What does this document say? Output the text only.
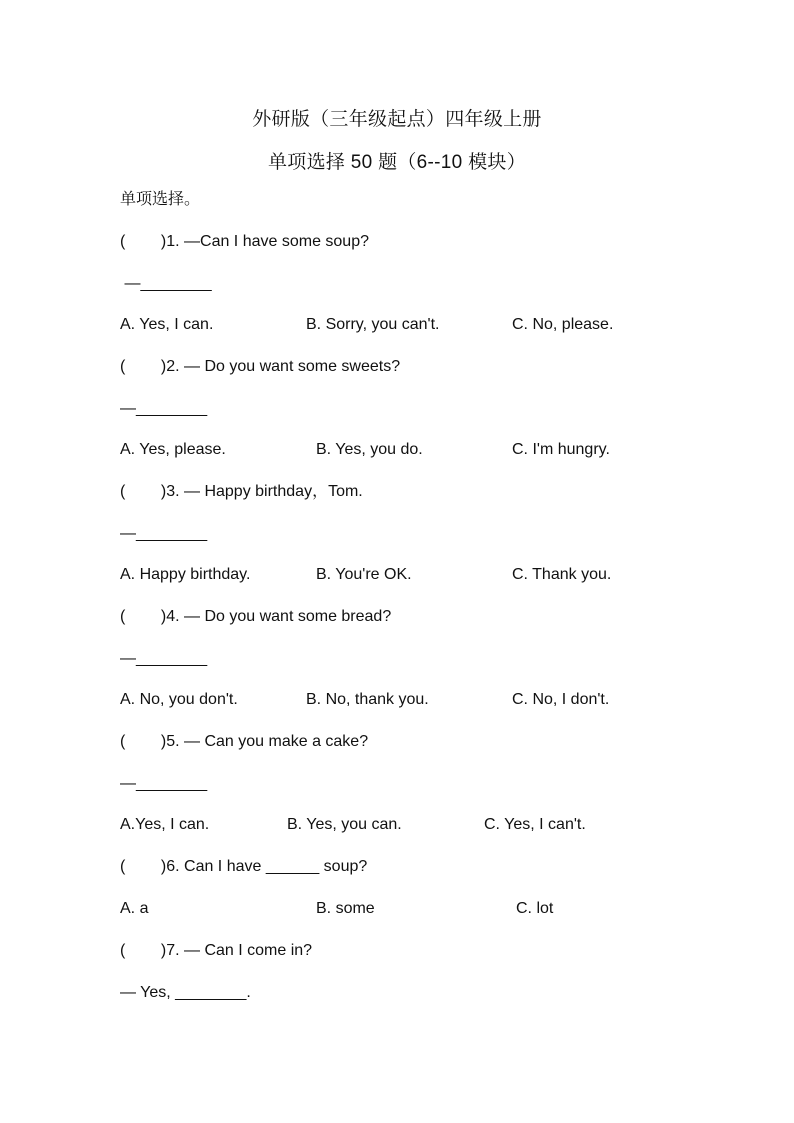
外研版（三年级起点）四年级上册
单项选择 50 题（6--10 模块）
单项选择。
(        )1. —Can I have some soup?
—________
A. Yes, I can.	B. Sorry, you can't.	C. No, please.
(        )2. — Do you want some sweets?
—________
A. Yes, please.	B. Yes, you do.	C. I'm hungry.
(        )3. — Happy birthday，Tom.
—________
A. Happy birthday.	B. You're OK.	C. Thank you.
(        )4. — Do you want some bread?
—________
A. No, you don't.	B. No, thank you.	C. No, I don't.
(        )5. — Can you make a cake?
—________
A.Yes, I can.	B. Yes, you can.	C. Yes, I can't.
(        )6. Can I have ______ soup?
A. a	B. some	C. lot
(        )7. — Can I come in?
— Yes, ________.
